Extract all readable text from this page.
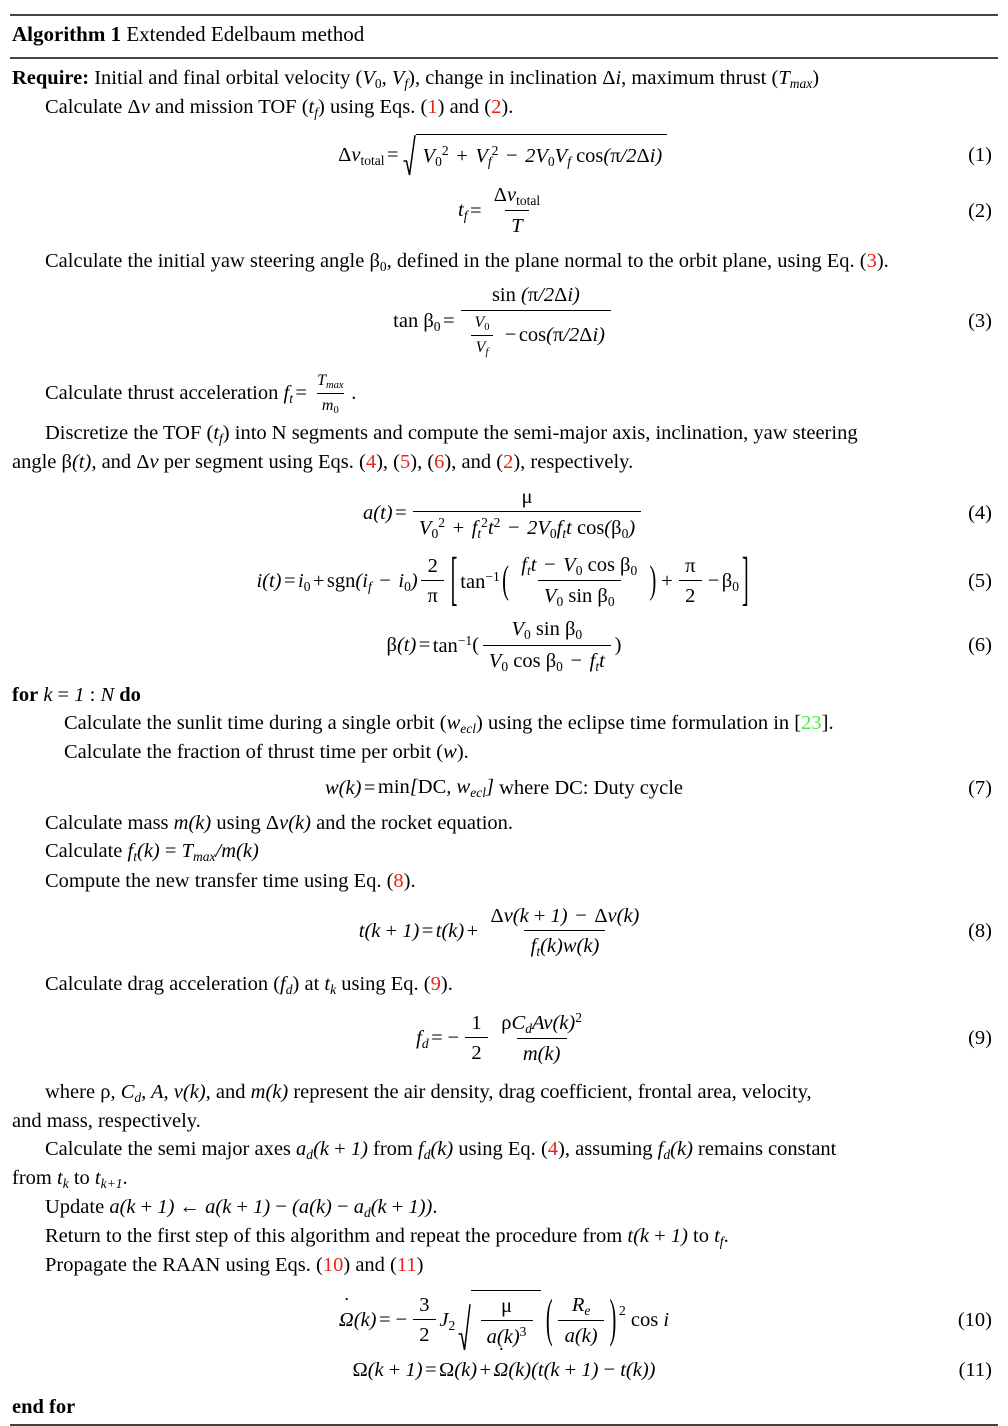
Algorithm 1 Extended Edelbaum method
Require: Initial and final orbital velocity ($V_0$, $V_f$), change in inclination Δi, maximum thrust $(T_{max})$
Calculate Δv and mission TOF $(t_f)$ using Eqs. (1) and (2).
$\Delta v_{total} = V_0^2 + V_f^2 - 2V_0V_f$ cos(π/2Δi)	(1)
$t_f = \frac{\Delta v_{total}}{T}$	(2)
Calculate the initial yaw steering angle $\beta_0$, defined in the plane normal to the orbit plane, using Eq. (3).
$\tan \beta_0 = \frac{\sin (\pi/2\Delta i)}{\frac{V_0}{V_f} - \cos(\pi/2\Delta i)}$	(3)
Calculate thrust acceleration $f_t = \frac{T_{max}}{m_0}$ .
Discretize the TOF $(t_f)$ into N segments and compute the semi-major axis, inclination, yaw steering
angle β(t), and Δv per segment using Eqs. (4), (5), (6), and (2), respectively.
$a(t) = \frac{\mu}{V_0^2 + f_t^2t^2 - 2V_0f_tt \cos(\beta_0)}$	(4)
$i(t) = i_0 + sgn(i_f - i_0) \frac{2}{\pi}$ [ $\tan^{-1}$ ( $\frac{f_tt - V_0 \cos \beta_0}{V_0 \sin \beta_0}$ ) + $\frac{\pi}{2} - \beta_0$ ]	(5)
$\beta(t) = \tan^{-1}$ ( $\frac{V_0 \sin \beta_0}{V_0 \cos \beta_0 - f_tt}$ )	(6)
for k = 1 : N do
Calculate the sunlit time during a single orbit $(w_{ecl})$ using the eclipse time formulation in [23].
Calculate the fraction of thrust time per orbit (w).
w(k) = min[DC, $w_{ecl}$]
where
DC : Duty cycle	(7)
Calculate mass m(k) using Δv(k) and the rocket equation.
Calculate $f_t(k) = T_{max}/m(k)$
Compute the new transfer time using Eq. (8).
$t(k + 1) = t(k) + \frac{\Delta v(k + 1) - \Delta v(k)}{f_t(k)w(k)}$	(8)
Calculate drag acceleration $(f_d)$ at $t_k$ using Eq. (9).
$f_d$ = − $\frac{1}{2} \frac{\rho C_dAv(k)^2}{m(k)}$	(9)
where ρ, $C_d$, A, v(k), and m(k) represent the air density, drag coefficient, frontal area, velocity,
and mass, respectively.
Calculate the semi major axes $a_d(k + 1)$ from $f_d(k)$ using Eq. (4), assuming $f_d(k)$ remains constant
from $t_k$ to $t_{k+1}$.
Update a(k + 1) ← $a(k + 1) - (a(k) - a_d(k + 1))$.
Return to the first step of this algorithm and repeat the procedure from t(k + 1) to $t_f$.
Propagate the RAAN using Eqs. (10) and (11)
Ω ˙(k) = − $\frac{3}{2} J_2 \frac{\mu}{a(k)^3}$ ( $\frac{R_e}{a(k)}$ ) 2
cos i	(10)
Ω(k + 1) = Ω(k) + Ω ˙(k)(t(k + 1) − t(k))	(11)
end for
